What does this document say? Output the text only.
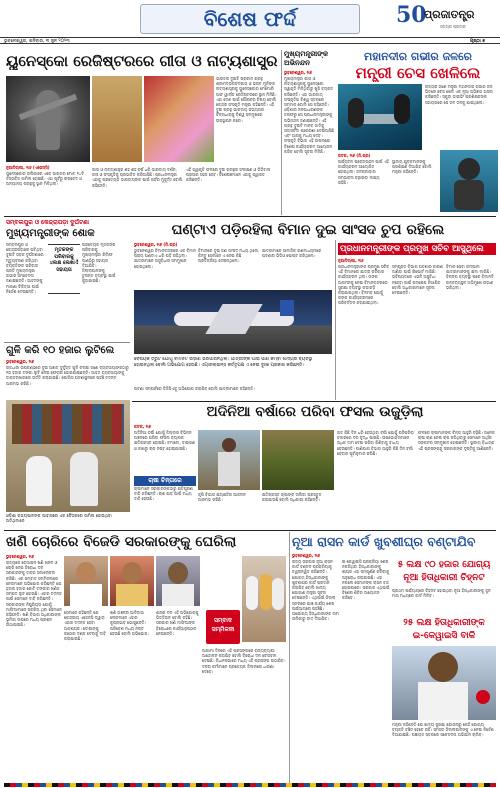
ବିଶେଷ ଫର୍ଦ୍ଦ	50
ପ୍ରଜାତନ୍ତ୍ର
ସତ୍ୟର ପ୍ରତୀକ
ଭୁବନେଶ୍ୱର, ଶନିବାର, ୩ ଜୁନ ୨୦୨୩	ପୃଷ୍ଠା ୭
ୟୁନେସ୍କୋ ରେଜିଷ୍ଟରରେ ଗୀତା ଓ ନାଟ୍ୟଶାସ୍ତ୍ର
ଭାରତର ଦୁଇଟି ପ୍ରାଚୀନ ଗ୍ରନ୍ଥ ଶ୍ରୀମଦ୍ଭଗବଦ୍ଗୀତା ଓ ଭରତ ମୁନିଙ୍କ ନାଟ୍ୟଶାସ୍ତ୍ରକୁ ୟୁନେସ୍କୋର ମେମୋରି ଅଫ ୱାର୍ଲ୍ଡ ରେଜିଷ୍ଟରରେ ସ୍ଥାନ ମିଳିଛି। ଏହା ଦେଶ ପାଇଁ ଗୌରବର ବିଷୟ ବୋଲି କେନ୍ଦ୍ର ସଂସ୍କୃତି ମନ୍ତ୍ରୀ କହିଛନ୍ତି। ଏହି ଦୁଇ ଗ୍ରନ୍ଥ ଭାରତୀୟ ସଭ୍ୟତାର ଚିନ୍ତାଧାରାକୁ ବିଶ୍ୱ ସମ୍ମୁଖରେ ଉପସ୍ଥାପନ କରେ।
ନୂଆଦିଲ୍ଲୀ, ୨ା୬ (ଏଜେନ୍ସି)
ୟୁନେସ୍କୋର ତାଲିକାରେ ଏବେ ଭାରତର ମୋଟ ୧୪ଟି ଦସ୍ତାବିଜ ସାମିଲ ହୋଇଛି। ଏହା ପୂର୍ବରୁ ଋଗ୍ବେଦ ଓ ଅନ୍ୟାନ୍ୟ ଗ୍ରନ୍ଥକୁ ସ୍ଥାନ ମିଳିଥିଲା।
ଗୀତା ଓ ନାଟ୍ୟଶାସ୍ତ୍ର ଶହ ଶହ ବର୍ଷ ଧରି ଭାରତୀୟ ଦର୍ଶନ, କଳା ଓ ସଂସ୍କୃତିକୁ ପ୍ରଭାବିତ କରିଆସିଛି। ପ୍ରଧାନମନ୍ତ୍ରୀ ଏହାକୁ ପ୍ରତ୍ୟେକ ଭାରତୀୟଙ୍କ ପାଇଁ ଗର୍ବର ମୁହୂର୍ତ୍ତ ବୋଲି କହିଛନ୍ତି।
ଏହି ସ୍ୱୀକୃତି ଫଳରେ ଦୁଇ ଗ୍ରନ୍ଥର ସଂରକ୍ଷଣ ଓ ଡିଜିଟାଲ ପ୍ରସାର ସହଜ ହେବ। ବିଶେଷଜ୍ଞମାନେ ଏହାକୁ ସ୍ୱାଗତ କରିଛନ୍ତି।
ମୁଖ୍ୟମନ୍ତ୍ରୀଙ୍କ ଅଭିନନ୍ଦନ
ଭୁବନେଶ୍ୱର, ୨ା୬
ମୁଖ୍ୟମନ୍ତ୍ରୀ ଗୀତା ଓ ନାଟ୍ୟଶାସ୍ତ୍ରକୁ ୟୁନେସ୍କୋ ସ୍ୱୀକୃତି ମିଳିଥିବାରୁ ଖୁସି ବ୍ୟକ୍ତ କରିଛନ୍ତି। ଏହା ଭାରତୀୟ ସଂସ୍କୃତିର ବିଶ୍ୱ ସ୍ତରରେ ସମ୍ମାନ ବୋଲି ସେ କହିଛନ୍ତି। ଓଡ଼ିଶାର ଜନସାଧାରଣଙ୍କ ତରଫରୁ ସେ ପ୍ରଧାନମନ୍ତ୍ରୀଙ୍କୁ ଅଭିନନ୍ଦନ ଜଣାଇଛନ୍ତି। ଏହି ଗ୍ରନ୍ଥ ଦୁଇଟି ମାନବ ଜାତିକୁ ସଦାସର୍ବଦା ପ୍ରେରଣା ଦେଇଆସିଛି ଏବଂ ଆଗକୁ ମଧ୍ୟ ଦେବ। ସଂସ୍କୃତି ବିଭାଗ ଏହି ଉପଲକ୍ଷେ ବିଶେଷ କାର୍ଯ୍ୟକ୍ରମ ଆୟୋଜନ କରିବ ବୋଲି ସୂଚନା ମିଳିଛି।
ମହାନଦୀର ଗଭୀର ଜଳରେ
ମନ୍ତ୍ରୀ ଚେସ ଖେଳିଲେ
ରାଜ୍ୟର ଜଣେ ମନ୍ତ୍ରୀ ମହାନଦୀର ଗଭୀର ଜଳ ଭିତରେ ଚେସ ଖେଳି ଏକ ନୂଆ ଅଭିଜ୍ଞତା ହାସଲ କରିଛନ୍ତି। ସ୍କୁବା ଡାଇଭିଂ ପ୍ରଶିକ୍ଷକଙ୍କ ସହାୟତାରେ ସେ ଜଳ ତଳକୁ ଯାଇଥିଲେ।
କଟକ, ୨ା୬ (ନି.ପ୍ର)
ପର୍ଯ୍ୟଟନ ପ୍ରୋତ୍ସାହନ ପାଇଁ ଏହି କାର୍ଯ୍ୟକ୍ରମ ଆୟୋଜିତ ହୋଇଥିଲା। ଜଳକ୍ରୀଡ଼ାର ସମ୍ଭାବନା ବଢ଼ାଇବା ଲକ୍ଷ୍ୟ ରହିଛି।
ସ୍ଥାନୀୟ ଯୁବକମାନଙ୍କୁ ପ୍ରଶିକ୍ଷଣ ଦିଆଯିବ ବୋଲି ମନ୍ତ୍ରୀ କହିଛନ୍ତି।
ସମ୍ବଲପୁର ଓ କେନ୍ଦ୍ରାପଡ଼ା ଦୁର୍ଘଟଣା
ମୁଖ୍ୟମନ୍ତ୍ରୀଙ୍କ ଶୋକ
ସମ୍ବଲପୁର ଓ କେନ୍ଦ୍ରାପଡ଼ାରେ ଘଟିଥିବା ଦୁଇଟି ସଡ଼କ ଦୁର୍ଘଟଣାରେ ମୃତ୍ୟୁବରଣ କରିଥିବା ବ୍ୟକ୍ତିଙ୍କ ପରିବାର ପ୍ରତି ମୁଖ୍ୟମନ୍ତ୍ରୀ ଗଭୀର ସମବେଦନା ଜଣାଇଛନ୍ତି। ଆହତଙ୍କୁ ମାଗଣା ଚିକିତ୍ସା ପାଇଁ ନିର୍ଦ୍ଦେଶ ଦେଇଛନ୍ତି।
ମୃତକଙ୍କ ପରିବାରକୁ ୪ଲକ୍ଷ ଲେଖାଏଁ ସହାୟତା
ପ୍ରତ୍ୟେକ ମୃତକଙ୍କ ପରିବାରକୁ ମୁଖ୍ୟମନ୍ତ୍ରୀ ରିଲିଫ ପାଣ୍ଠିରୁ ସହାୟତା ଦିଆଯିବ। ଜିଲ୍ଲାପାଳଙ୍କୁ ତୁରନ୍ତ ବ୍ୟବସ୍ଥା ପାଇଁ କୁହାଯାଇଛି।
ଗୁଳି କରି ୧୦ ହଜାର ଲୁଟିଲେ
ଭୁବନେଶ୍ୱର, ୨ା୬
ରାଜଧାନୀ ଉପକଣ୍ଠରେ ଦୁଇ ଅଜ୍ଞାତ ଦୁର୍ବୃତ୍ତ ଗୁଳି ଚଳାଇ ଜଣେ ବ୍ୟବସାୟୀଙ୍କଠାରୁ ୧୦ ହଜାର ଟଙ୍କା ଲୁଟି ନେଇ ଫେରାର ହୋଇଯାଇଛନ୍ତି। ଆହତ ବ୍ୟବସାୟୀଙ୍କୁ ଡାକ୍ତରଖାନାରେ ଭର୍ତ୍ତି କରାଯାଇଛି। ପୋଲିସ ଘଟଣାସ୍ଥଳରେ ପହଞ୍ଚି ତଦନ୍ତ ଆରମ୍ଭ କରିଛି।
ଘଣ୍ଟାଏ ପଡ଼ିରହିଲା ବିମାନ ଦୁଇ ସାଂସଦ ଚୁପ ରହିଲେ
ଭୁବନେଶ୍ୱର, ୨ା୬ (ନି.ପ୍ର)
ଭୁବନେଶ୍ୱର ବିମାନବନ୍ଦରରେ ଏକ ବିମାନ ପ୍ରାୟ ଘଣ୍ଟାଏ ଧରି ପଡ଼ି ରହିଥିଲା। ଯାତ୍ରୀମାନେ ଅସୁବିଧାର ସମ୍ମୁଖୀନ ହୋଇଥିଲେ।
ବିମାନରେ ଦୁଇ ଜଣ ସାଂସଦ ମଧ୍ୟ ଥିଲେ, କିନ୍ତୁ ସେମାନେ ଏ ନେଇ କିଛି ପ୍ରତିକ୍ରିୟା ଦେଇନଥିଲେ।
ବୈଷୟିକ ତ୍ରୁଟି ଯୋଗୁଁ ବିମାନଟି ଉଡ଼ାଣ ଭରିପାରିନଥିଲା। ଯାତ୍ରୀଙ୍କ ପାଇଁ ପାଣି କିମ୍ବା ଖାଦ୍ୟର ବ୍ୟବସ୍ଥା ହୋଇନଥିଲା ବୋଲି ଅଭିଯୋଗ ହେଉଛି। ଏୟାରଲାଇନ୍ସ କର୍ତ୍ତୃପକ୍ଷ ଏ ନେଇ ଦୁଃଖ ପ୍ରକାଶ କରିଛନ୍ତି।
ଘଟଣା ସମ୍ପର୍କରେ ଡିଜିସିଏକୁ ଅଭିଯୋଗ କରାଯିବ ବୋଲି ଯାତ୍ରୀମାନେ କହିଛନ୍ତି।
ଯାତ୍ରୀମାନେ ସାମାଜିକ ଗଣମାଧ୍ୟମରେ ଘଟଣାର ଭିଡିଓ ପୋଷ୍ଟ କରିଥିଲେ।
ପ୍ରଧାନମନ୍ତ୍ରୀଙ୍କ ପ୍ରମୁଖ ସଚିବ ଆସୁଥିଲେ
ନୂଆଦିଲ୍ଲୀ, ୨ା୬
ପ୍ରଧାନମନ୍ତ୍ରୀଙ୍କ ପ୍ରମୁଖ ସଚିବ ଏହି ବିମାନରେ ଯାତ୍ରା କରିବାର କାର୍ଯ୍ୟକ୍ରମ ଥିଲା। ତାଙ୍କ ଆଗମନକୁ ନେଇ ବିମାନବନ୍ଦରରେ ସୁରକ୍ଷା ବ୍ୟବସ୍ଥା କଡ଼ାକଡ଼ି କରାଯାଇଥିଲା। ବିଳମ୍ବ ଯୋଗୁଁ ତାଙ୍କ କାର୍ଯ୍ୟକ୍ରମରେ ପରିବର୍ତ୍ତନ କରାଯାଇଥିଲା।
ସମ୍ପୃକ୍ତ ବିଭାଗ ଘଟଣାର କାରଣ ଜାଣିବା ପାଇଁ ରିପୋର୍ଟ ମାଗିଛି। ଭବିଷ୍ୟତରେ ଏଭଳି ଅସୁବିଧା ନହେବା ପାଇଁ ପଦକ୍ଷେପ ନିଆଯିବ ବୋଲି ଅଧିକାରୀମାନେ ସୂଚନା ଦେଇଛନ୍ତି।
ବିମାନ ସେବା କମ୍ପାନୀ ଯାତ୍ରୀମାନଙ୍କୁ କ୍ଷମା ମାଗିଛି। ବିକଳ୍ପ ବ୍ୟବସ୍ଥା ପରେ ବିମାନଟି ଗନ୍ତବ୍ୟସ୍ଥଳ ଅଭିମୁଖେ ଉଡ଼ାଣ ଭରିଥିଲା।
ଓଡ଼ିଶା ରାଜ୍ୟପାଳଙ୍କ ଆବାସରେ ଏକ ବୈଠକରେ ସାମିଲ ହୋଇଥିବା ଅତିଥିମାନେ
ଅଦିନିଆ ବର୍ଷାରେ ପରିବା ଫସଲ ଉଜୁଡ଼ିଲା
କଟକ, ୨ା୬
ଅଦିନିଆ ବର୍ଷା ଯୋଗୁଁ ଜିଲ୍ଲାର ବିଭିନ୍ନ ଅଞ୍ଚଳରେ ପରିବା ଫସଲ ବ୍ୟାପକ କ୍ଷତିଗ୍ରସ୍ତ ହୋଇଛି। ଟମାଟୋ, ବାଇଗଣ ଓ କଖାରୁ ଚାଷ ନଷ୍ଟ ହୋଇଯାଇଛି।
ଚାଷୀ ଚିନ୍ତାରେ
ଚାଷୀମାନେ ସରକାରଙ୍କଠାରୁ କ୍ଷତିପୂରଣ ଦାବି କରିଛନ୍ତି। ଋଣ ଛାଡ଼ ପାଇଁ ମଧ୍ୟ ଦାବି ହେଉଛି।
କୃଷି ବିଭାଗ କ୍ଷୟକ୍ଷତିର ଆକଳନ ଆରମ୍ଭ କରିଛି।
କ୍ଷତିଗ୍ରସ୍ତ ଚାଷୀଙ୍କ ତାଲିକା ପ୍ରସ୍ତୁତ କରାଯାଉଛି ବୋଲି ଅଧିକାରୀ କହିଛନ୍ତି।
ଗତ କିଛି ଦିନ ଧରି ହେଉଥିବା ବର୍ଷା ଯୋଗୁଁ ପନିପରିବା ବଜାରରେ ଦର ବୃଦ୍ଧି ପାଇଛି। ଉପଭୋକ୍ତାମାନେ ଅଧିକ ଦାମ ଦେଇ ପରିବା କିଣିବାକୁ ବାଧ୍ୟ ହେଉଛନ୍ତି। ପାଣିପାଗ ବିଭାଗ ଆହୁରି କିଛି ଦିନ ବର୍ଷା ହେବାର ପୂର୍ବାନୁମାନ କରିଛି।
ଫଳରେ ଚାଷୀମାନଙ୍କ ଚିନ୍ତା ଆହୁରି ବଢ଼ିଛି। ଅନେକ ଚାଷୀ ଋଣ ନେଇ ଚାଷ କରିଥିବାରୁ ସେମାନେ ଆର୍ଥିକ ସଙ୍କଟର ସମ୍ମୁଖୀନ ହୋଇଛନ୍ତି। ସ୍ଥାନୀୟ ବିଧାୟକ ଏହି ପ୍ରସଙ୍ଗକୁ ସରକାରଙ୍କ ଦୃଷ୍ଟିକୁ ଆଣିଛନ୍ତି।
ଖଣି ଚୋରିରେ ବିଜେଡି ସରକାରଙ୍କୁ ଘେରିଲା
ଭୁବନେଶ୍ୱର, ୨ା୬
ରାଜ୍ୟରେ ବେଆଇନ ଖଣି ଖନନ ଓ ଚୋରି ନେଇ ବିରୋଧୀ ଦଳ ସରକାରଙ୍କୁ ତୀବ୍ର ସମାଲୋଚନା କରିଛି। ଏକ ସମ୍ବାଦ ସମ୍ମିଳନୀରେ ନେତାମାନେ ଅଭିଯୋଗ କରିଛନ୍ତି ଯେ ହଜାର ହଜାର କୋଟି ଟଙ୍କାର ଖଣିଜ ସମ୍ପଦ ଲୁଟ ହୋଇଛି। ଏହାର ତଦନ୍ତ ପାଇଁ ସେମାନେ ଦାବି କରିଛନ୍ତି। ସରକାରଙ୍କ ନିଷ୍କ୍ରିୟତା ଯୋଗୁଁ ମାଫିଆମାନେ ସକ୍ରିୟ ଥିବା ସେମାନେ କହିଛନ୍ତି। ଖଣି ବିଭାଗ ଅଧିକାରୀଙ୍କ ଭୂମିକା ଉପରେ ମଧ୍ୟ ପ୍ରଶ୍ନ ଉଠାଯାଇଛି।
ସେମାନେ କହିଛନ୍ତି ଯେ କେନ୍ଦ୍ରୀୟ ଏଜେନ୍ସି ଦ୍ୱାରା ଏହାର ତଦନ୍ତ ହେବା ଆବଶ୍ୟକ। ଦୋଷୀଙ୍କୁ କଠୋର ଦଣ୍ଡ ଦେବାକୁ ଦାବି କରାଯାଇଛି।
ଖଣି ଅଞ୍ଚଳର ଆଦିବାସୀ ଲୋକମାନେ ଏହାର କୁପ୍ରଭାବ ଭୋଗୁଛନ୍ତି। ପରିବେଶ ମଧ୍ୟ ନଷ୍ଟ ହେଉଛି ବୋଲି ଅଭିଯୋଗ।
ଶାସକ ଦଳ ଏହି ଅଭିଯୋଗକୁ ଭିତ୍ତିହୀନ ବୋଲି କହିଛି। ସରକାର ଖଣି ମାଫିଆଙ୍କ ବିରୋଧରେ କାର୍ଯ୍ୟାନୁଷ୍ଠାନ ନେଉଛନ୍ତି।
ସମ୍ବାଦ ସମ୍ମିଳନୀ
ଆଗାମୀ ଦିନରେ ଏହି ପ୍ରସଙ୍ଗରେ ରାଜ୍ୟବ୍ୟାପୀ ଆନ୍ଦୋଳନ କରାଯିବ ବୋଲି ବିରୋଧୀ ଦଳ ଚେତାବନୀ ଦେଇଛି। ବିଧାନସଭାରେ ମଧ୍ୟ ଏହି ପ୍ରସଙ୍ଗ ଉଠାଯିବ। ଦଳର କର୍ମୀମାନେ ପ୍ରତ୍ୟେକ ଜିଲ୍ଲାରେ ଧାରଣା ଦେବେ।
ନୂଆ ରାସନ କାର୍ଡ ଖୁବଶୀଘ୍ର ବଣ୍ଟାଯିବ
ଭୁବନେଶ୍ୱର, ୨ା୬
ରାଜ୍ୟ ସରକାର ନୂଆ ରାସନ କାର୍ଡ ବଣ୍ଟନ ପ୍ରକ୍ରିୟାକୁ ତ୍ୱରାନ୍ୱିତ କରିଛନ୍ତି। ଯୋଗ୍ୟ ହିତାଧିକାରୀଙ୍କୁ ଖୁବଶୀଘ୍ର କାର୍ଡ ପ୍ରଦାନ କରାଯିବ ବୋଲି ଖାଦ୍ୟ ଯୋଗାଣ ମନ୍ତ୍ରୀ ସୂଚନା ଦେଇଛନ୍ତି। ଏଥିପାଇଁ ଜିଲ୍ଲା ସ୍ତରରେ ଯାଞ୍ଚ କାର୍ଯ୍ୟ ଶେଷ ପର୍ଯ୍ୟାୟରେ ପହଞ୍ଚିଛି। ଅଯୋଗ୍ୟ ହିତାଧିକାରୀଙ୍କ ନାମ ତାଲିକାରୁ ବାଦ ଦିଆଯିବ।
ଇ-କେୱାଇସି ପ୍ରକ୍ରିୟା ଶେଷ ନକରିଥିବା ହିତାଧିକାରୀଙ୍କୁ ଶୀଘ୍ର ଏହା ସମ୍ପୂର୍ଣ୍ଣ କରିବାକୁ ଅନୁରୋଧ କରାଯାଇଛି। ଏହା ନକଲେ ସେମାନଙ୍କ ରାସନ ବନ୍ଦ ହୋଇପାରେ। ସରକାର ଏଥିପାଇଁ ବିଶେଷ ଶିବିର ଆୟୋଜନ କରିବେ।
୫ ଲକ୍ଷ ୯୦ ହଜାର ଯୋଗ୍ୟ
ନୂଆ ହିତାଧିକାରୀ ଚିହ୍ନଟ
ପ୍ରଥମ ପର୍ଯ୍ୟାୟରେ ଚିହ୍ନଟ ହୋଇଥିବା ନୂଆ ହିତାଧିକାରୀଙ୍କୁ ଜୁନ ମାସ ମଧ୍ୟରେ କାର୍ଡ ମିଳିବ।
୨୫ ଲକ୍ଷ ହିତାଧିକାରୀଙ୍କ
ଇ-କେୱାଇସି ବାକି
ମନ୍ତ୍ରୀ କହିଛନ୍ତି ଯେ ଖାଦ୍ୟ ସୁରକ୍ଷା ଯୋଜନାରୁ କେହି ଯୋଗ୍ୟ ବ୍ୟକ୍ତି ବଞ୍ଚିତ ହେବେ ନାହିଁ। ସମସ୍ତ ଜିଲ୍ଲାପାଳଙ୍କୁ ଏ ନେଇ ନିର୍ଦ୍ଦେଶ ଦିଆଯାଇଛି। ପଞ୍ଚାୟତ ସ୍ତରରେ ସଚେତନତା ଅଭିଯାନ ଚାଲିବ।
